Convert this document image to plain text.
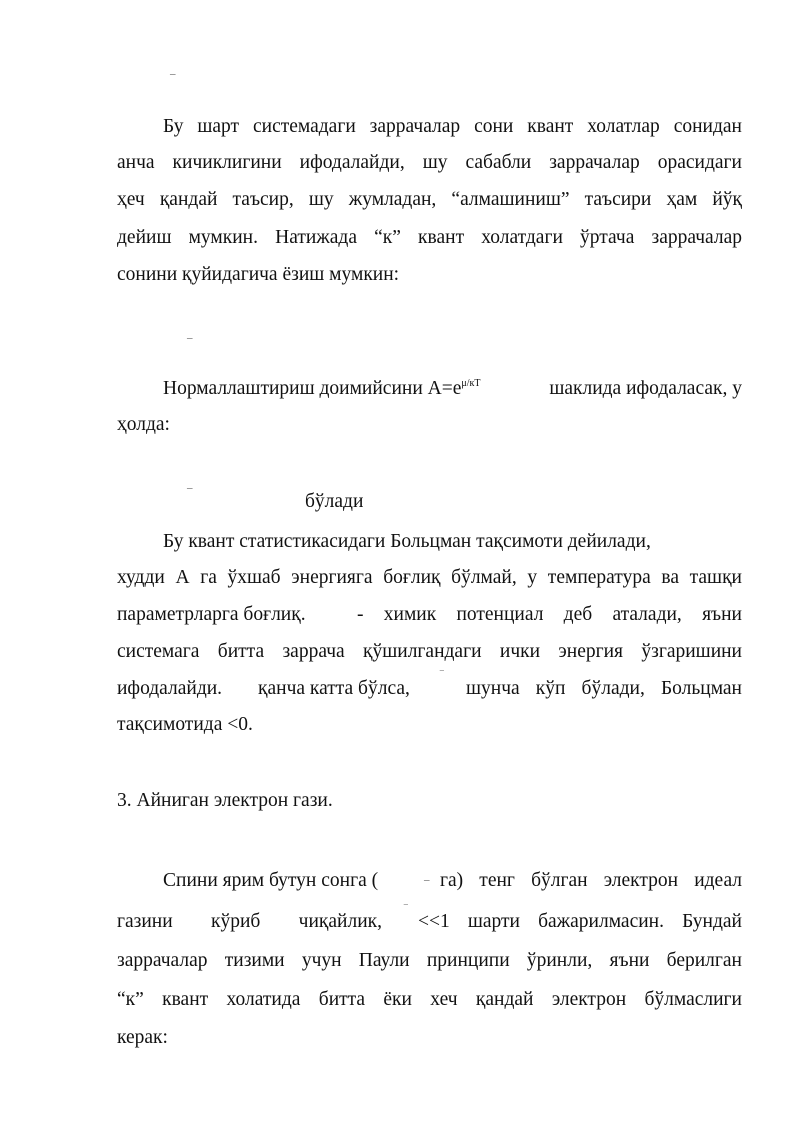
–
Бу шарт системадаги заррачалар сони квант холатлар сонидан
анча кичиклигини ифодалайди, шу сабабли заррачалар орасидаги
ҳеч қандай таъсир, шу жумладан, “алмашиниш” таъсири ҳам йўқ
дейиш мумкин. Натижада “к” квант холатдаги ўртача заррачалар
сонини қуйидагича ёзиш мумкин:
–
Нормаллаштириш доимийсини А=e μ/кТ	шаклида ифодаласак, у
ҳолда:
–
бўлади
Бу квант статистикасидаги Больцман тақсимоти дейилади,
худди А га ўхшаб энергияга боғлиқ бўлмай, у температура ва ташқи
параметрларга боғлиқ.	- химик потенциал деб аталади, яъни
системага битта заррача қўшилгандаги ички энергия ўзгаришини
ифодалайди. қанча катта бўлса,
‾
шунча кўп бўлади, Больцман
тақсимотида <0.
3. Айниган электрон гази.
Спини ярим бутун сонга (	– га) тенг бўлган электрон идеал
газини кўриб чиқайлик,
‾
<<1 шарти бажарилмасин. Бундай
заррачалар тизими учун Паули принципи ўринли, яъни берилган
“к” квант холатида битта ёки хеч қандай электрон бўлмаслиги
керак:
